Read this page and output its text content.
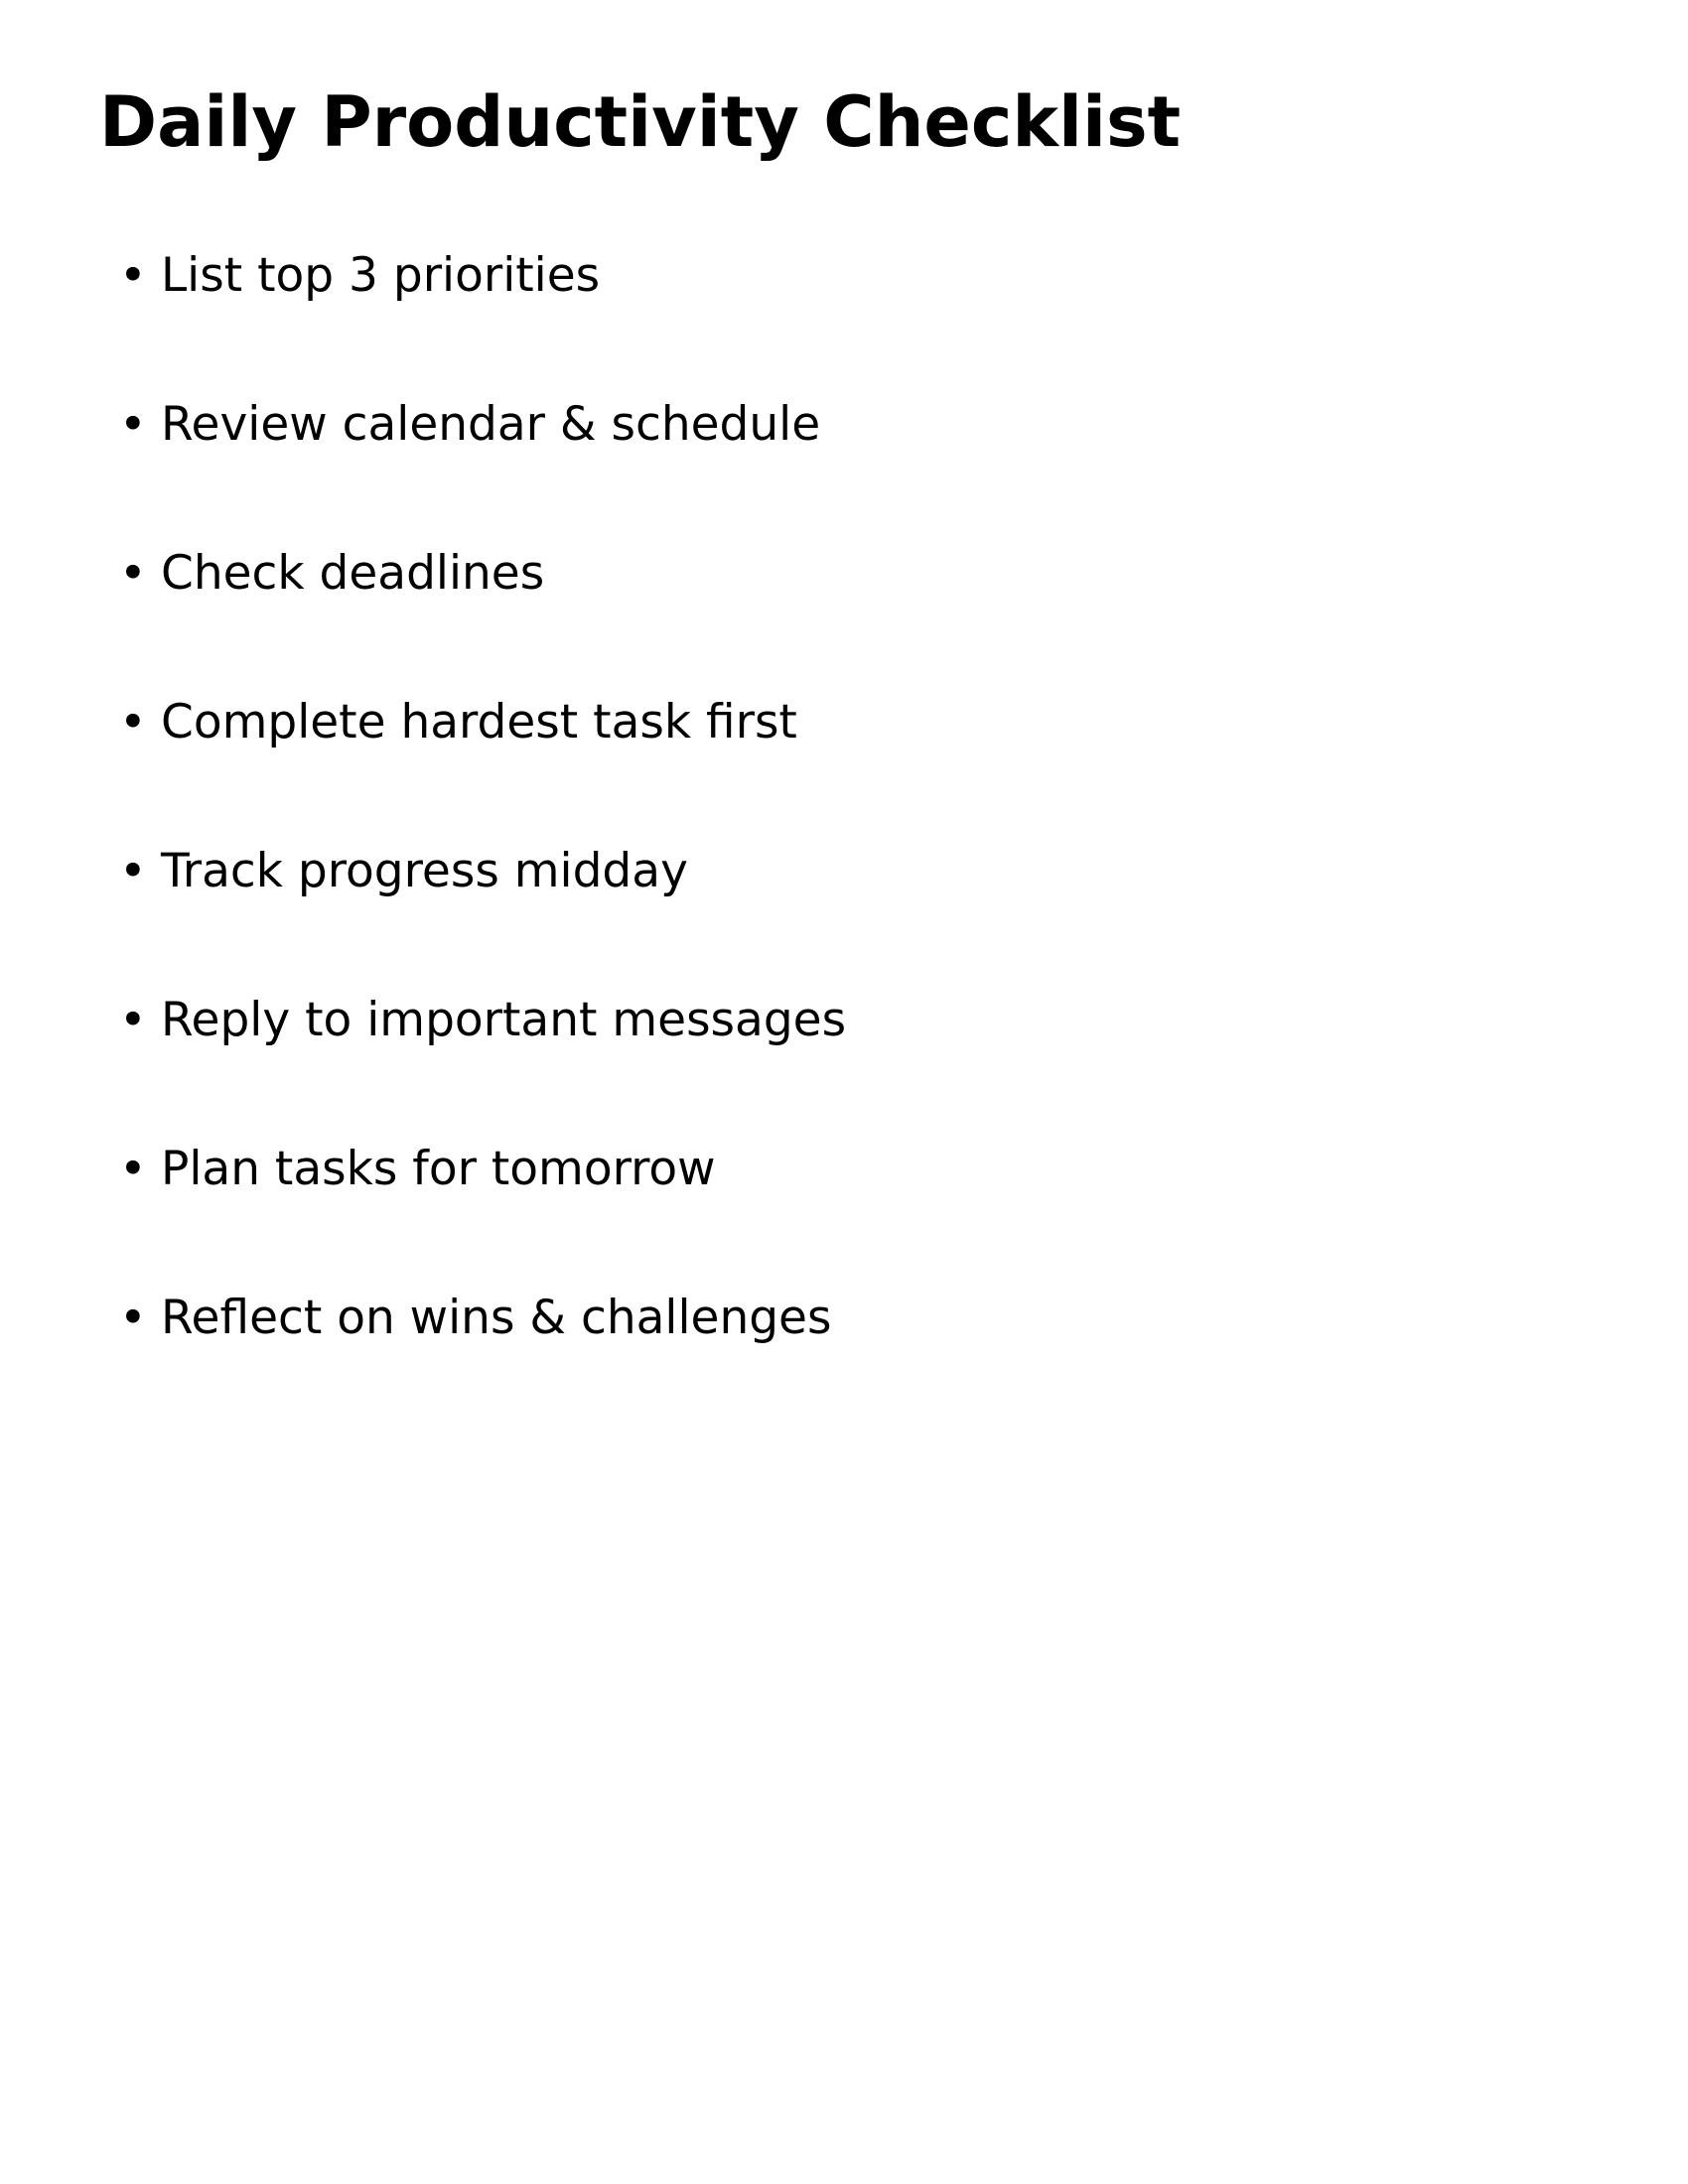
Daily Productivity Checklist
• List top 3 priorities
• Review calendar & schedule
• Check deadlines
• Complete hardest task first
• Track progress midday
• Reply to important messages
• Plan tasks for tomorrow
• Reflect on wins & challenges
